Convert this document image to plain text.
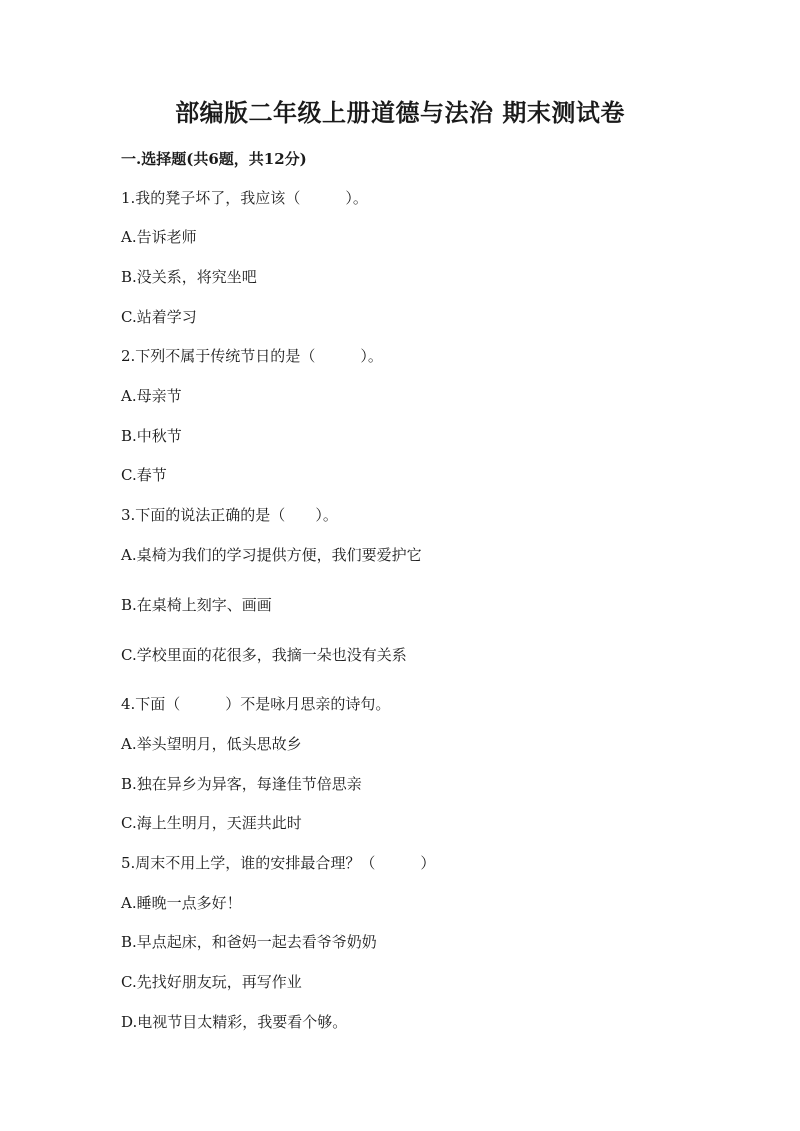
部编版二年级上册道德与法治 期末测试卷
一.选择题(共6题，共12分)
1.我的凳子坏了，我应该（　　　）。
A.告诉老师
B.没关系，将究坐吧
C.站着学习
2.下列不属于传统节日的是（　　　）。
A.母亲节
B.中秋节
C.春节
3.下面的说法正确的是（　　）。
A.桌椅为我们的学习提供方便，我们要爱护它
B.在桌椅上刻字、画画
C.学校里面的花很多，我摘一朵也没有关系
4.下面（　　　）不是咏月思亲的诗句。
A.举头望明月，低头思故乡
B.独在异乡为异客，每逢佳节倍思亲
C.海上生明月，天涯共此时
5.周末不用上学，谁的安排最合理？（　　　）
A.睡晚一点多好！
B.早点起床，和爸妈一起去看爷爷奶奶
C.先找好朋友玩，再写作业
D.电视节目太精彩，我要看个够。
